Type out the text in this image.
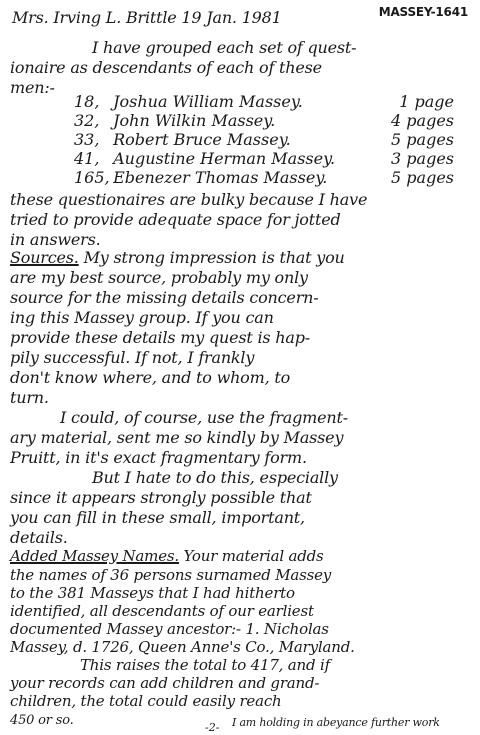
Mrs. Irving L. Brittle 19 Jan. 1981	MASSEY-1641
I have grouped each set of quest-
ionaire as descendants of each of these
men:-
18, Joshua William Massey.	1 page
32, John Wilkin Massey.	4 pages
33, Robert Bruce Massey.	5 pages
41, Augustine Herman Massey.	3 pages
165, Ebenezer Thomas Massey.	5 pages
these questionaires are bulky because I have
tried to provide adequate space for jotted
in answers.
Sources. My strong impression is that you
are my best source, probably my only
source for the missing details concern-
ing this Massey group. If you can
provide these details my quest is hap-
pily successful. If not, I frankly
don't know where, and to whom, to
turn.
I could, of course, use the fragment-
ary material, sent me so kindly by Massey
Pruitt, in it's exact fragmentary form.
But I hate to do this, especially
since it appears strongly possible that
you can fill in these small, important,
details.
Added Massey Names. Your material adds
-2-
the names of 36 persons surnamed Massey
to the 381 Masseys that I had hitherto
identified, all descendants of our earliest
documented Massey ancestor:- 1. Nicholas
Massey, d. 1726, Queen Anne's Co., Maryland.
This raises the total to 417, and if
your records can add children and grand-
children, the total could easily reach
450 or so.	I am holding in abeyance further work
